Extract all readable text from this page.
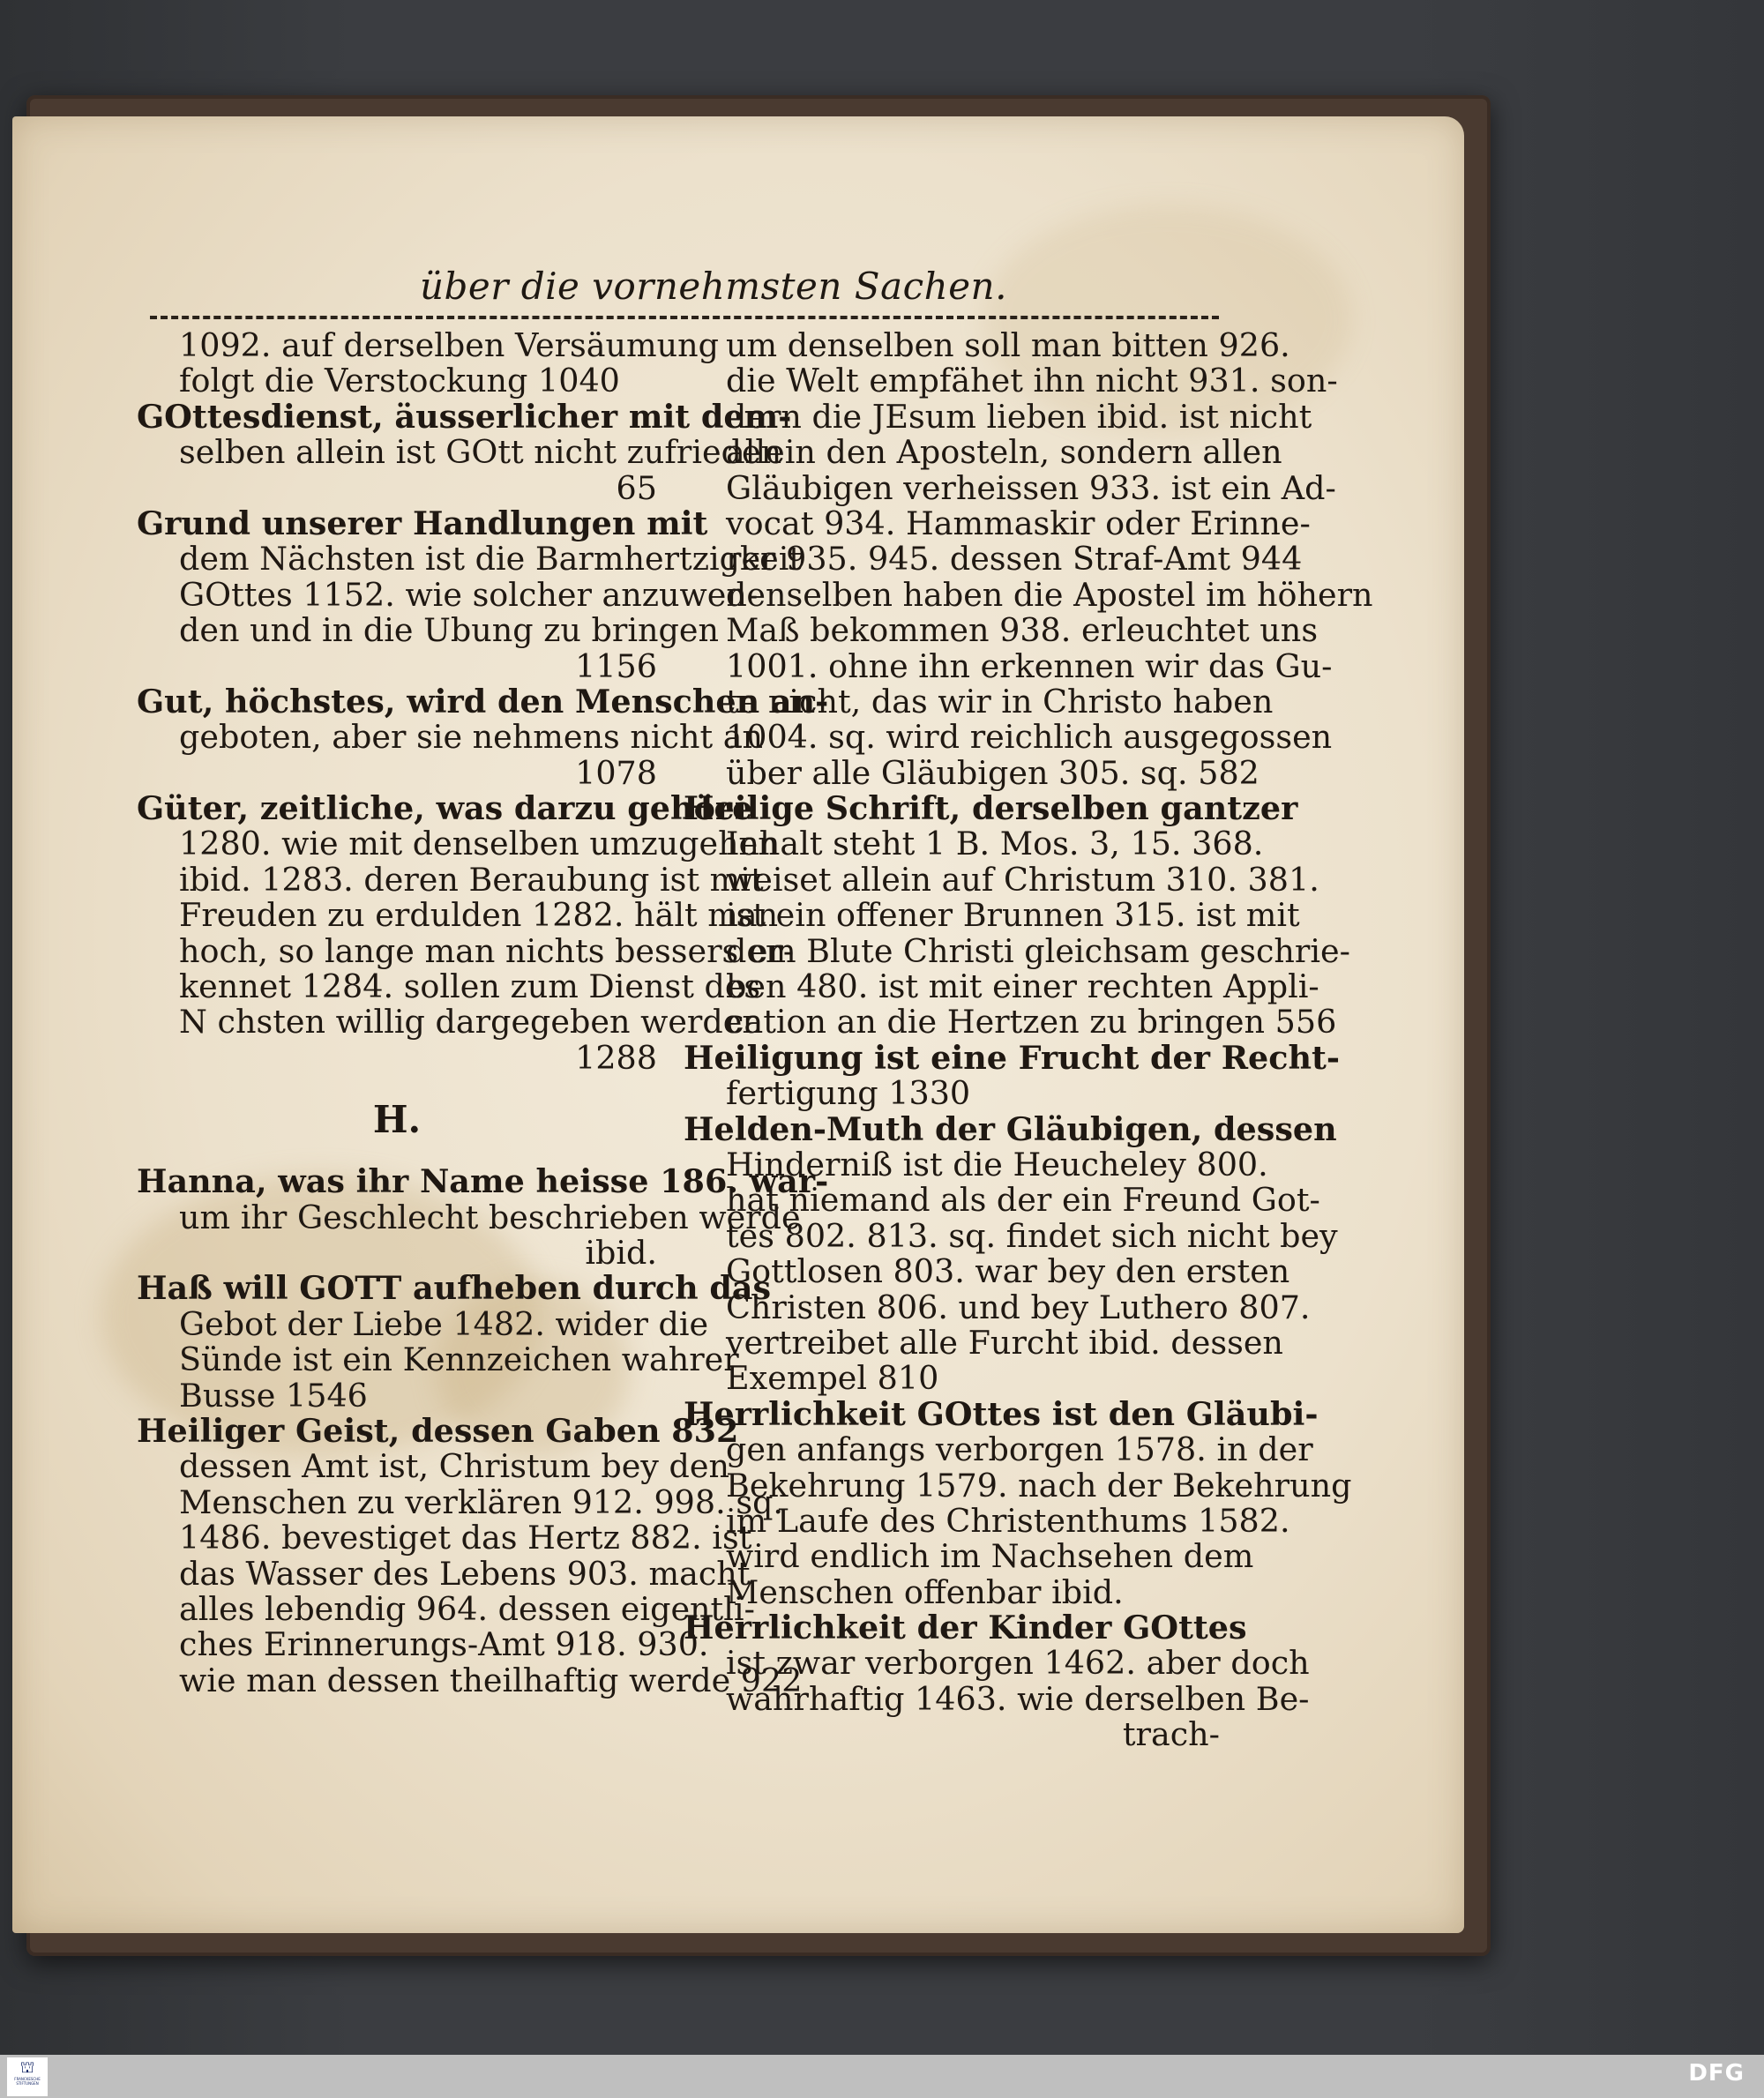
über die vornehmsten Sachen.
1092. auf derselben Versäumung
folgt die Verstockung 1040
GOttesdienst, äusserlicher mit dem-
selben allein ist GOtt nicht zufrieden
65
Grund unserer Handlungen mit
dem Nächsten ist die Barmhertzigkeit
GOttes 1152. wie solcher anzuwen-
den und in die Ubung zu bringen
1156
Gut, höchstes, wird den Menschen an-
geboten, aber sie nehmens nicht an
1078
Güter, zeitliche, was darzu gehöre
1280. wie mit denselben umzugehen
ibid. 1283. deren Beraubung ist mit
Freuden zu erdulden 1282. hält man
hoch, so lange man nichts bessers er-
kennet 1284. sollen zum Dienst des
N chsten willig dargegeben werden
1288
H.
Hanna, was ihr Name heisse 186. war-
um ihr Geschlecht beschrieben werde
ibid.
Haß will GOTT aufheben durch das
Gebot der Liebe 1482. wider die
Sünde ist ein Kennzeichen wahrer
Busse 1546
Heiliger Geist, dessen Gaben 832
dessen Amt ist, Christum bey den
Menschen zu verklären 912. 998. sq.
1486. bevestiget das Hertz 882. ist
das Wasser des Lebens 903. macht
alles lebendig 964. dessen eigentli-
ches Erinnerungs-Amt 918. 930.
wie man dessen theilhaftig werde 922
um denselben soll man bitten 926.
die Welt empfähet ihn nicht 931. son-
dern die JEsum lieben ibid. ist nicht
allein den Aposteln, sondern allen
Gläubigen verheissen 933. ist ein Ad-
vocat 934. Hammaskir oder Erinne-
rer 935. 945. dessen Straf-Amt 944
denselben haben die Apostel im höhern
Maß bekommen 938. erleuchtet uns
1001. ohne ihn erkennen wir das Gu-
te nicht, das wir in Christo haben
1004. sq. wird reichlich ausgegossen
über alle Gläubigen 305. sq. 582
Heilige Schrift, derselben gantzer
Inhalt steht 1 B. Mos. 3, 15. 368.
weiset allein auf Christum 310. 381.
ist ein offener Brunnen 315. ist mit
dem Blute Christi gleichsam geschrie-
ben 480. ist mit einer rechten Appli-
cation an die Hertzen zu bringen 556
Heiligung ist eine Frucht der Recht-
fertigung 1330
Helden-Muth der Gläubigen, dessen
Hinderniß ist die Heucheley 800.
hat niemand als der ein Freund Got-
tes 802. 813. sq. findet sich nicht bey
Gottlosen 803. war bey den ersten
Christen 806. und bey Luthero 807.
vertreibet alle Furcht ibid. dessen
Exempel 810
Herrlichkeit GOttes ist den Gläubi-
gen anfangs verborgen 1578. in der
Bekehrung 1579. nach der Bekehrung
im Laufe des Christenthums 1582.
wird endlich im Nachsehen dem
Menschen offenbar ibid.
Herrlichkeit der Kinder GOttes
ist zwar verborgen 1462. aber doch
wahrhaftig 1463. wie derselben Be-
trach-
⛫
FRANCKESCHE STIFTUNGEN	DFG
